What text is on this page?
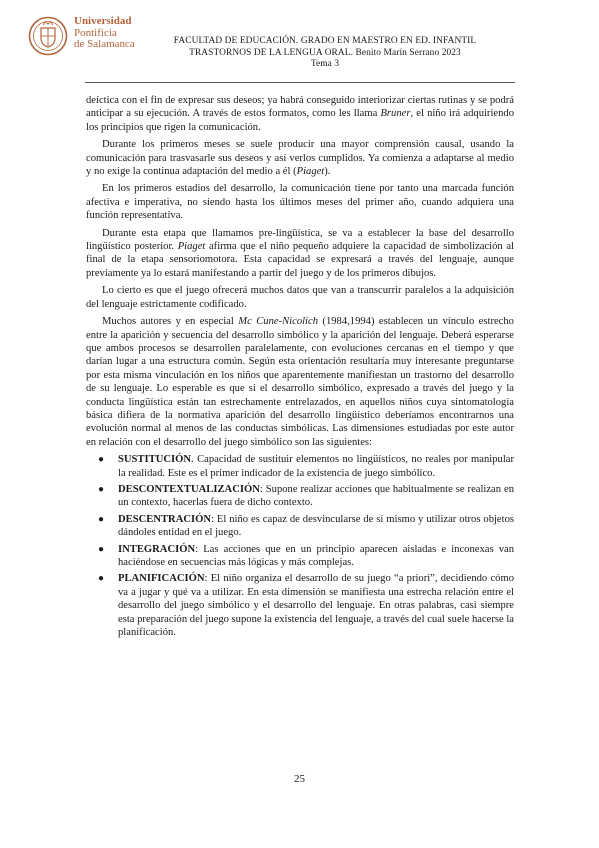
Universidad
Pontificia
de Salamanca	FACULTAD DE EDUCACIÓN. GRADO EN MAESTRO EN ED. INFANTIL
TRASTORNOS DE LA LENGUA ORAL. Benito Marín Serrano 2023
Tema 3

deíctica con el fin de expresar sus deseos; ya habrá conseguido interiorizar ciertas rutinas y se podrá anticipar a su ejecución. A través de estos formatos, como les llama Bruner, el niño irá adquiriendo los principios que rigen la comunicación.

Durante los primeros meses se suele producir una mayor comprensión causal, usando la comunicación para trasvasarle sus deseos y así verlos cumplidos. Ya comienza a adaptarse al medio y no exige la continua adaptación del medio a él (Piaget).

En los primeros estadios del desarrollo, la comunicación tiene por tanto una marcada función afectiva e imperativa, no siendo hasta los últimos meses del primer año, cuando adquiera una función representativa.

Durante esta etapa que llamamos pre-lingüística, se va a establecer la base del desarrollo lingüístico posterior. Piaget afirma que el niño pequeño adquiere la capacidad de simbolización al final de la etapa sensoriomotora. Esta capacidad se expresará a través del lenguaje, aunque previamente ya lo estará manifestando a partir del juego y de los primeros dibujos.

Lo cierto es que el juego ofrecerá muchos datos que van a transcurrir paralelos a la adquisición del lenguaje estrictamente codificado.

Muchos autores y en especial Mc Cune-Nicolich (1984,1994) establecen un vínculo estrecho entre la aparición y secuencia del desarrollo simbólico y la aparición del lenguaje. Deberá esperarse que ambos procesos se desarrollen paralelamente, con evoluciones cercanas en el tiempo y que darían lugar a una estructura común. Según esta orientación resultaría muy interesante preguntarse por esta misma vinculación en los niños que aparentemente manifiestan un trastorno del desarrollo de su lenguaje. Lo esperable es que si el desarrollo simbólico, expresado a través del juego y la conducta lingüística están tan estrechamente entrelazados, en aquellos niños cuya sintomatología básica difiera de la normativa aparición del desarrollo lingüístico deberíamos encontrarnos una evolución normal al menos de las conductas simbólicas. Las dimensiones estudiadas por este autor en relación con el desarrollo del juego simbólico son las siguientes:

● SUSTITUCIÓN. Capacidad de sustituir elementos no lingüísticos, no reales por manipular la realidad. Este es el primer indicador de la existencia de juego simbólico.
● DESCONTEXTUALIZACIÓN: Supone realizar acciones que habitualmente se realizan en un contexto, hacerlas fuera de dicho contexto.
● DESCENTRACIÓN: El niño es capaz de desvincularse de sí mismo y utilizar otros objetos dándoles entidad en el juego.
● INTEGRACIÓN: Las acciones que en un principio aparecen aisladas e inconexas van haciéndose en secuencias más lógicas y más complejas.
● PLANIFICACIÓN: El niño organiza el desarrollo de su juego “a priori”, decidiendo cómo va a jugar y qué va a utilizar. En esta dimensión se manifiesta una estrecha relación entre el desarrollo del juego simbólico y el desarrollo del lenguaje. En otras palabras, casi siempre esta preparación del juego supone la existencia del lenguaje, a través del cual suele hacerse la planificación.
25
